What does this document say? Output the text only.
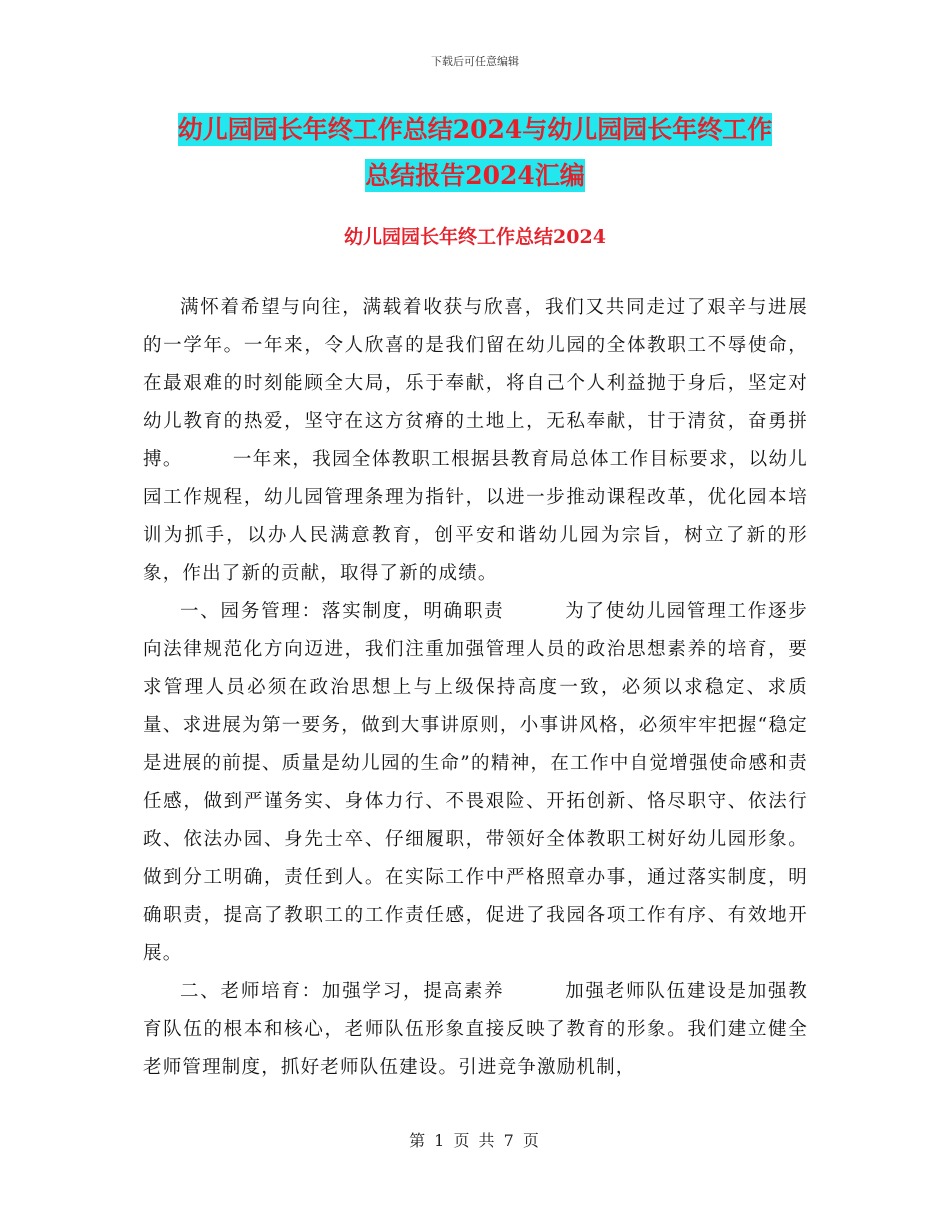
下载后可任意编辑
幼儿园园长年终工作总结2024与幼儿园园长年终工作
总结报告2024汇编
幼儿园园长年终工作总结2024

满怀着希望与向往，满载着收获与欣喜，我们又共同走过了艰辛与进展的一学年。一年来，令人欣喜的是我们留在幼儿园的全体教职工不辱使命，在最艰难的时刻能顾全大局，乐于奉献，将自己个人利益抛于身后，坚定对幼儿教育的热爱，坚守在这方贫瘠的土地上，无私奉献，甘于清贫，奋勇拼搏。　　　一年来，我园全体教职工根据县教育局总体工作目标要求，以幼儿园工作规程，幼儿园管理条理为指针，以进一步推动课程改革，优化园本培训为抓手，以办人民满意教育，创平安和谐幼儿园为宗旨，树立了新的形象，作出了新的贡献，取得了新的成绩。

一、园务管理：落实制度，明确职责　　　为了使幼儿园管理工作逐步向法律规范化方向迈进，我们注重加强管理人员的政治思想素养的培育，要求管理人员必须在政治思想上与上级保持高度一致，必须以求稳定、求质量、求进展为第一要务，做到大事讲原则，小事讲风格，必须牢牢把握“稳定是进展的前提、质量是幼儿园的生命”的精神，在工作中自觉增强使命感和责任感，做到严谨务实、身体力行、不畏艰险、开拓创新、恪尽职守、依法行政、依法办园、身先士卒、仔细履职，带领好全体教职工树好幼儿园形象。做到分工明确，责任到人。在实际工作中严格照章办事，通过落实制度，明确职责，提高了教职工的工作责任感，促进了我园各项工作有序、有效地开展。

二、老师培育：加强学习，提高素养　　　加强老师队伍建设是加强教育队伍的根本和核心，老师队伍形象直接反映了教育的形象。我们建立健全老师管理制度，抓好老师队伍建设。引进竞争激励机制，

第 1 页 共 7 页
